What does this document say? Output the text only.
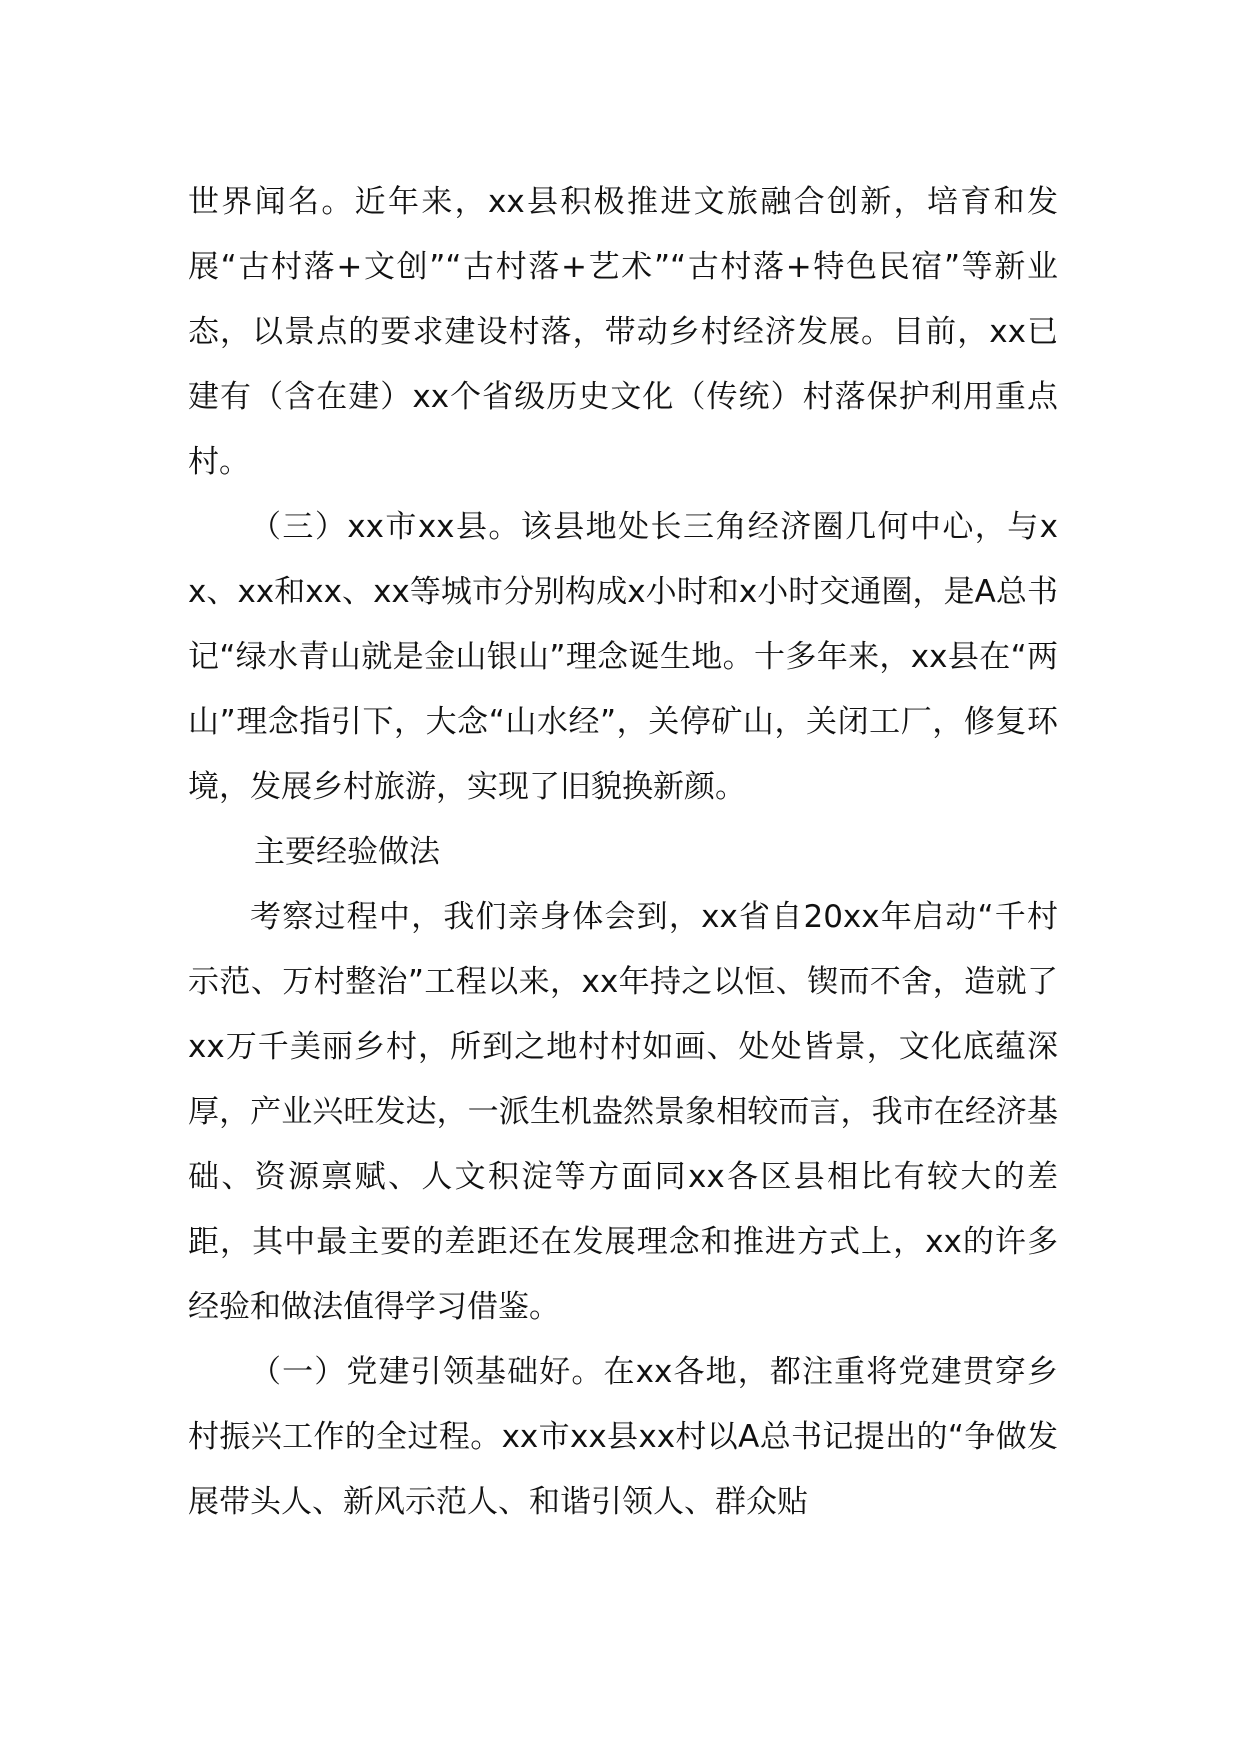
世界闻名。近年来，xx县积极推进文旅融合创新，培育和发展“古村落+文创”“古村落+艺术”“古村落+特色民宿”等新业态，以景点的要求建设村落，带动乡村经济发展。目前，xx已建有（含在建）xx个省级历史文化（传统）村落保护利用重点村。

（三）xx市xx县。该县地处长三角经济圈几何中心，与xx、xx和xx、xx等城市分别构成x小时和x小时交通圈，是A总书记“绿水青山就是金山银山”理念诞生地。十多年来，xx县在“两山”理念指引下，大念“山水经”，关停矿山，关闭工厂，修复环境，发展乡村旅游，实现了旧貌换新颜。

主要经验做法

考察过程中，我们亲身体会到，xx省自20xx年启动“千村示范、万村整治”工程以来，xx年持之以恒、锲而不舍，造就了xx万千美丽乡村，所到之地村村如画、处处皆景，文化底蕴深厚，产业兴旺发达，一派生机盎然景象相较而言，我市在经济基础、资源禀赋、人文积淀等方面同xx各区县相比有较大的差距，其中最主要的差距还在发展理念和推进方式上，xx的许多经验和做法值得学习借鉴。

（一）党建引领基础好。在xx各地，都注重将党建贯穿乡村振兴工作的全过程。xx市xx县xx村以A总书记提出的“争做发展带头人、新风示范人、和谐引领人、群众贴
